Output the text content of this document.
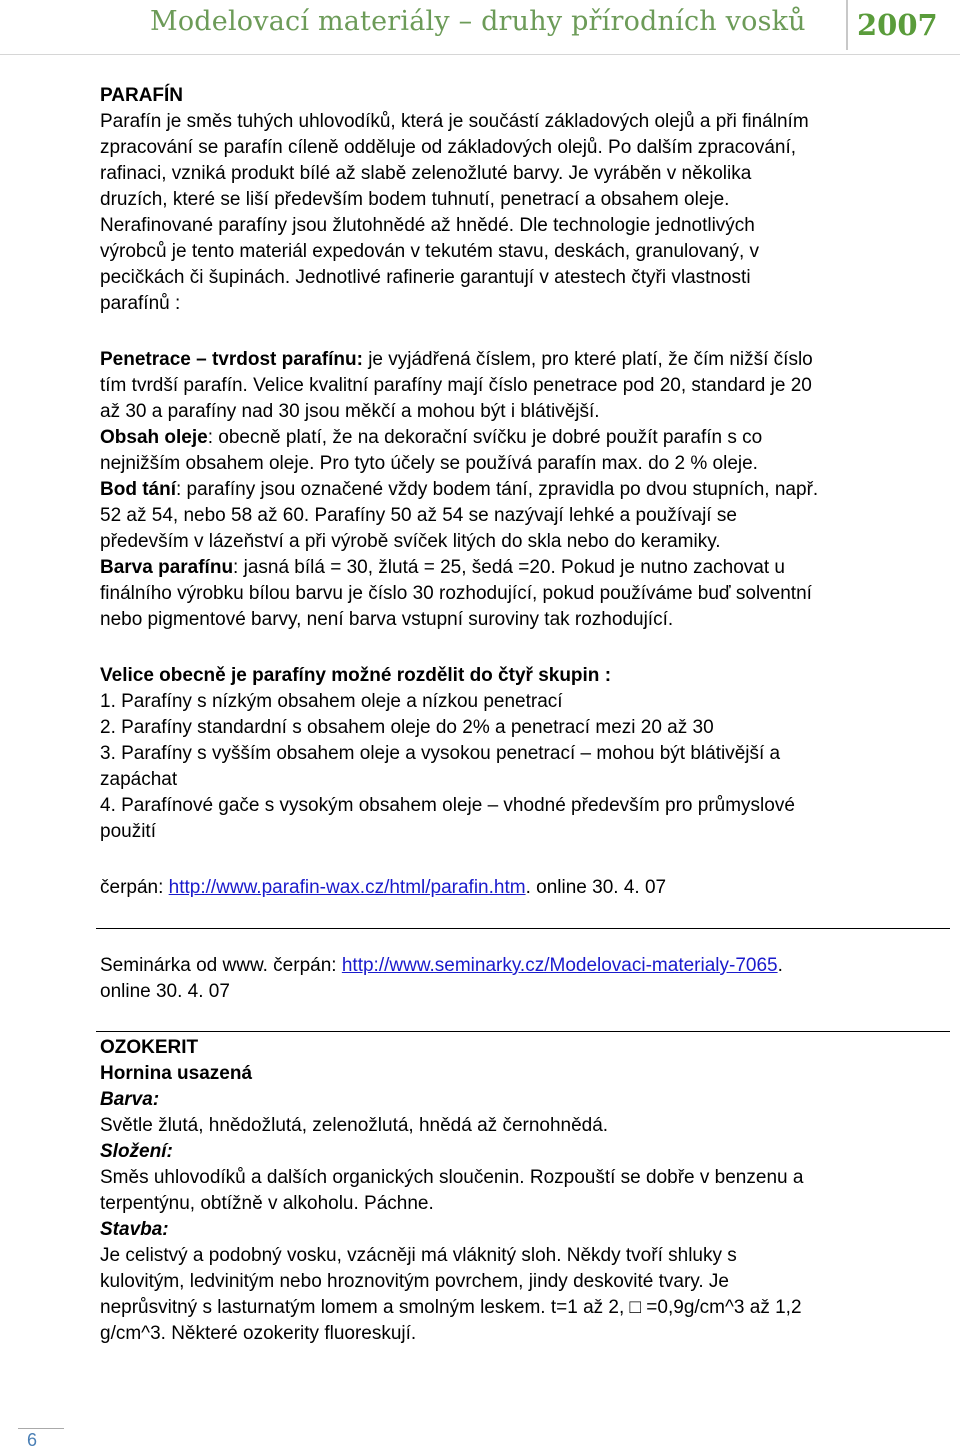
Modelovací materiály – druhy přírodních vosků 2007
PARAFÍN
Parafín je směs tuhých uhlovodíků, která je součástí základových olejů a při finálním
zpracování se parafín cíleně odděluje od základových olejů. Po dalším zpracování,
rafinaci, vzniká produkt bílé až slabě zelenožluté barvy. Je vyráběn v několika
druzích, které se liší především bodem tuhnutí, penetrací a obsahem oleje.
Nerafinované parafíny jsou žlutohnědé až hnědé. Dle technologie jednotlivých
výrobců je tento materiál expedován v tekutém stavu, deskách, granulovaný, v
pecičkách či šupinách. Jednotlivé rafinerie garantují v atestech čtyři vlastnosti
parafínů :
Penetrace – tvrdost parafínu: je vyjádřená číslem, pro které platí, že čím nižší číslo
tím tvrdší parafín. Velice kvalitní parafíny mají číslo penetrace pod 20, standard je 20
až 30 a parafíny nad 30 jsou měkčí a mohou být i blátivější.
Obsah oleje: obecně platí, že na dekorační svíčku je dobré použít parafín s co
nejnižším obsahem oleje. Pro tyto účely se používá parafín max. do 2 % oleje.
Bod tání: parafíny jsou označené vždy bodem tání, zpravidla po dvou stupních, např.
52 až 54, nebo 58 až 60. Parafíny 50 až 54 se nazývají lehké a používají se
především v lázeňství a při výrobě svíček litých do skla nebo do keramiky.
Barva parafínu: jasná bílá = 30, žlutá = 25, šedá =20. Pokud je nutno zachovat u
finálního výrobku bílou barvu je číslo 30 rozhodující, pokud používáme buď solventní
nebo pigmentové barvy, není barva vstupní suroviny tak rozhodující.
Velice obecně je parafíny možné rozdělit do čtyř skupin :
1. Parafíny s nízkým obsahem oleje a nízkou penetrací
2. Parafíny standardní s obsahem oleje do 2% a penetrací mezi 20 až 30
3. Parafíny s vyšším obsahem oleje a vysokou penetrací – mohou být blátivější a
zapáchat
4. Parafínové gače s vysokým obsahem oleje – vhodné především pro průmyslové
použití
čerpán: http://www.parafin-wax.cz/html/parafin.htm. online 30. 4. 07
Seminárka od www. čerpán: http://www.seminarky.cz/Modelovaci-materialy-7065.
online 30. 4. 07
OZOKERIT
Hornina usazená
Barva:
Světle žlutá, hnědožlutá, zelenožlutá, hnědá až černohnědá.
Složení:
Směs uhlovodíků a dalších organických sloučenin. Rozpouští se dobře v benzenu a
terpentýnu, obtížně v alkoholu. Páchne.
Stavba:
Je celistvý a podobný vosku, vzácněji má vláknitý sloh. Někdy tvoří shluky s
kulovitým, ledvinitým nebo hroznovitým povrchem, jindy deskovité tvary. Je
neprůsvitný s lasturnatým lomem a smolným leskem. t=1 až 2, □ =0,9g/cm^3 až 1,2
g/cm^3. Některé ozokerity fluoreskují.
6
